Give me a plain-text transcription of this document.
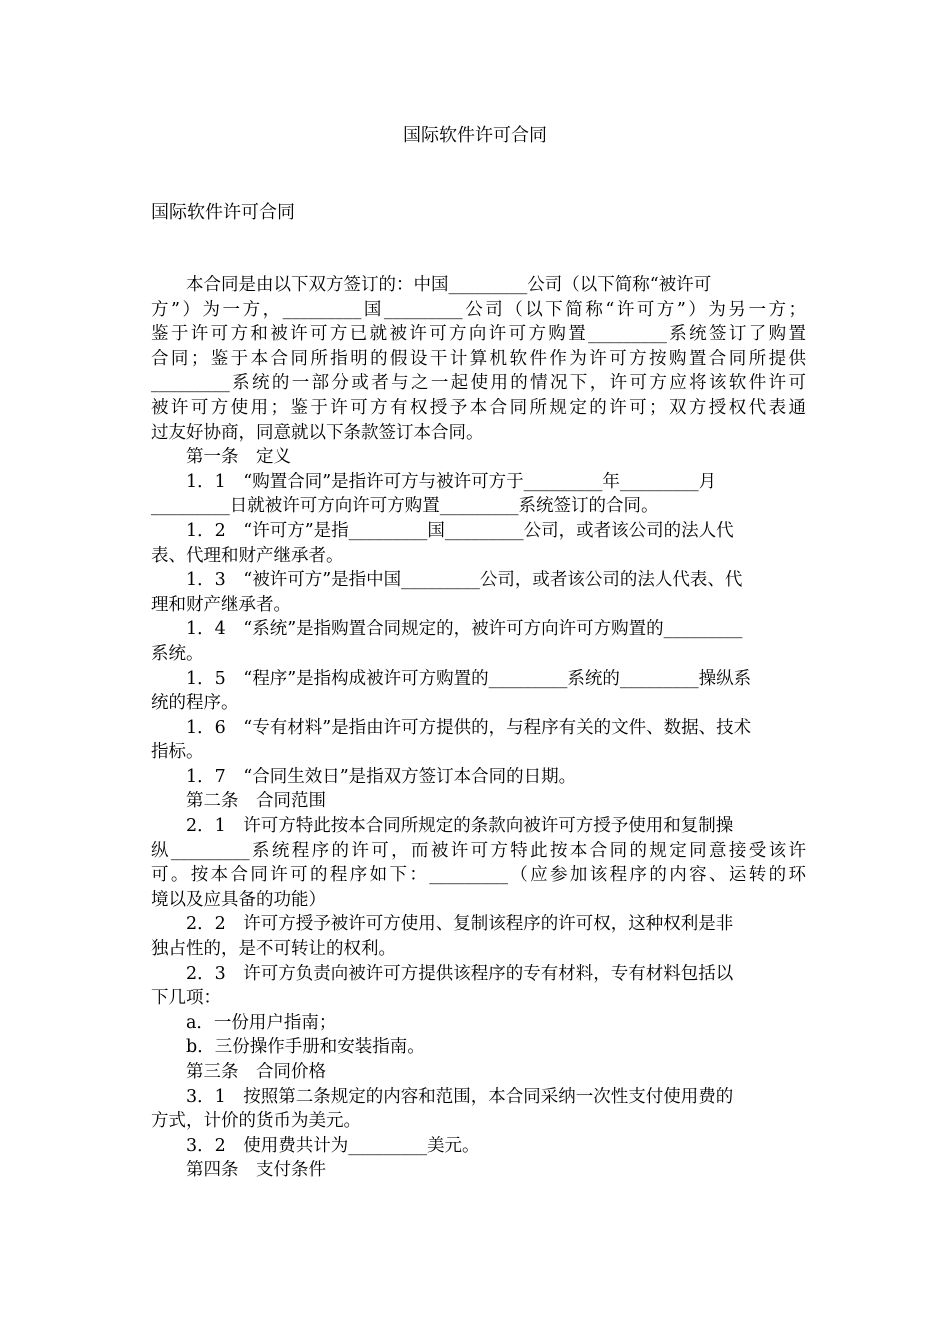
国际软件许可合同
国际软件许可合同

本合同是由以下双方签订的：中国_________公司（以下简称“被许可

方”）为一方，_________国_________公司（以下简称“许可方”）为另一方；

鉴于许可方和被许可方已就被许可方向许可方购置_________系统签订了购置

合同；鉴于本合同所指明的假设干计算机软件作为许可方按购置合同所提供

_________系统的一部分或者与之一起使用的情况下，许可方应将该软件许可

被许可方使用；鉴于许可方有权授予本合同所规定的许可；双方授权代表通

过友好协商，同意就以下条款签订本合同。

第一条　定义

1．1　“购置合同”是指许可方与被许可方于_________年_________月

_________日就被许可方向许可方购置_________系统签订的合同。

1．2　“许可方”是指_________国_________公司，或者该公司的法人代

表、代理和财产继承者。

1．3　“被许可方”是指中国_________公司，或者该公司的法人代表、代

理和财产继承者。

1．4　“系统”是指购置合同规定的，被许可方向许可方购置的_________

系统。

1．5　“程序”是指构成被许可方购置的_________系统的_________操纵系

统的程序。

1．6　“专有材料”是指由许可方提供的，与程序有关的文件、数据、技术

指标。

1．7　“合同生效日”是指双方签订本合同的日期。

第二条　合同范围

2．1　许可方特此按本合同所规定的条款向被许可方授予使用和复制操

纵_________系统程序的许可，而被许可方特此按本合同的规定同意接受该许

可。按本合同许可的程序如下：_________（应参加该程序的内容、运转的环

境以及应具备的功能）

2．2　许可方授予被许可方使用、复制该程序的许可权，这种权利是非

独占性的，是不可转让的权利。

2．3　许可方负责向被许可方提供该程序的专有材料，专有材料包括以

下几项：

a．一份用户指南；

b．三份操作手册和安装指南。

第三条　合同价格

3．1　按照第二条规定的内容和范围，本合同采纳一次性支付使用费的

方式，计价的货币为美元。

3．2　使用费共计为_________美元。

第四条　支付条件
